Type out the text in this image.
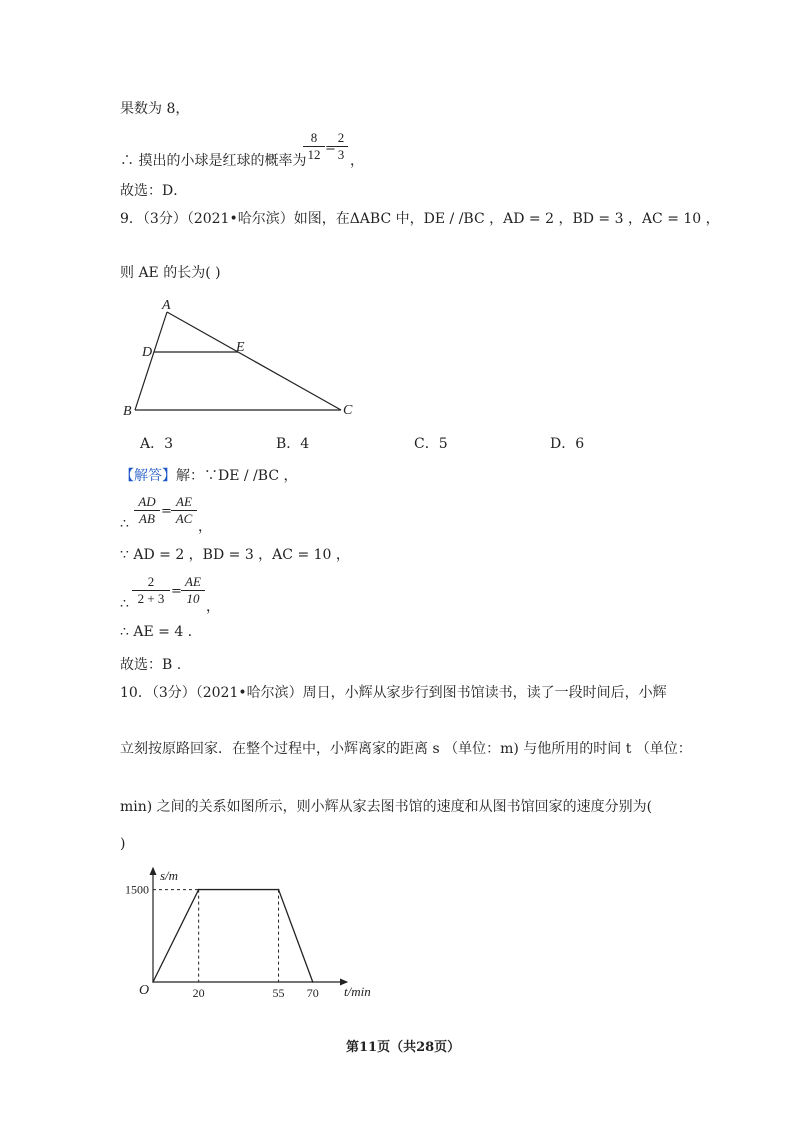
果数为 8，
∴ 摸出的小球是红球的概率为
$\frac{8}{12}$ =
$\frac{2}{3}$ ，
故选：D．
9．（3分）（2021•哈尔滨）如图，在ΔABC 中，DE / /BC ，AD = 2 ，BD = 3 ，AC = 10 ，
则 AE 的长为( )
A
D	E
B	C
A．3	B．4	C．5	D．6
【解答】解：∵DE / /BC ，
∴ $\frac{AD}{AB} = \frac{AE}{AC}$ ，
∵ AD = 2 ，BD = 3 ，AC = 10 ，
∴ $\frac{2}{2 + 3} = \frac{AE}{10}$ ，
∴ AE = 4 .
故选：B .
10．（3分）（2021•哈尔滨）周日，小辉从家步行到图书馆读书，读了一段时间后，小辉
立刻按原路回家．在整个过程中，小辉离家的距离 s （单位：m) 与他所用的时间 t （单位：
min) 之间的关系如图所示，则小辉从家去图书馆的速度和从图书馆回家的速度分别为(
)
20	55 70
1500
s/m
t/min
O
第11页（共28页）
